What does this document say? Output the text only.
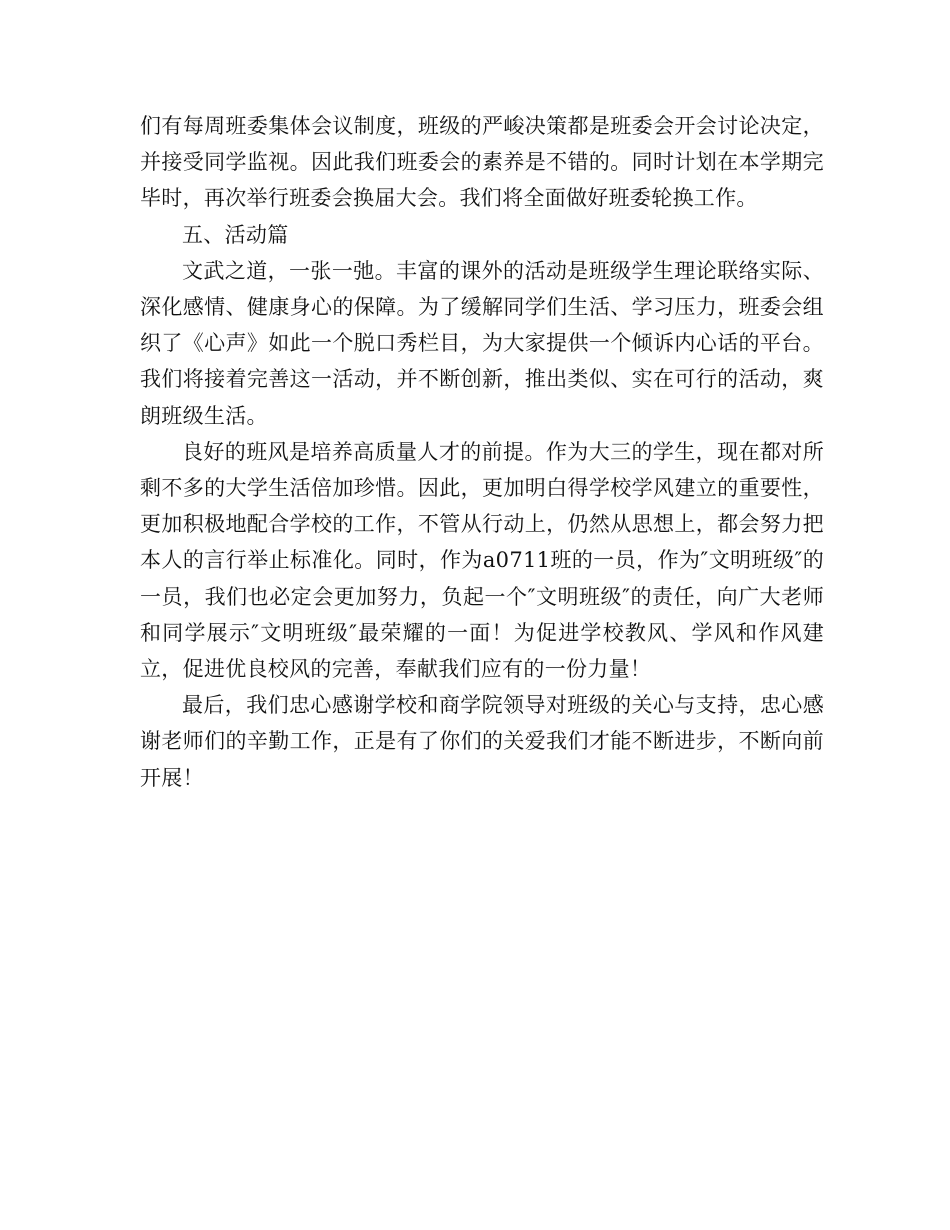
们有每周班委集体会议制度，班级的严峻决策都是班委会开会讨论决定，并接受同学监视。因此我们班委会的素养是不错的。同时计划在本学期完毕时，再次举行班委会换届大会。我们将全面做好班委轮换工作。

五、活动篇

文武之道，一张一弛。丰富的课外的活动是班级学生理论联络实际、深化感情、健康身心的保障。为了缓解同学们生活、学习压力，班委会组织了《心声》如此一个脱口秀栏目，为大家提供一个倾诉内心话的平台。我们将接着完善这一活动，并不断创新，推出类似、实在可行的活动，爽朗班级生活。

良好的班风是培养高质量人才的前提。作为大三的学生，现在都对所剩不多的大学生活倍加珍惜。因此，更加明白得学校学风建立的重要性，更加积极地配合学校的工作，不管从行动上，仍然从思想上，都会努力把本人的言行举止标准化。同时，作为a0711班的一员，作为″文明班级″的一员，我们也必定会更加努力，负起一个″文明班级″的责任，向广大老师和同学展示″文明班级″最荣耀的一面！为促进学校教风、学风和作风建立，促进优良校风的完善，奉献我们应有的一份力量！

最后，我们忠心感谢学校和商学院领导对班级的关心与支持，忠心感谢老师们的辛勤工作，正是有了你们的关爱我们才能不断进步，不断向前开展！
